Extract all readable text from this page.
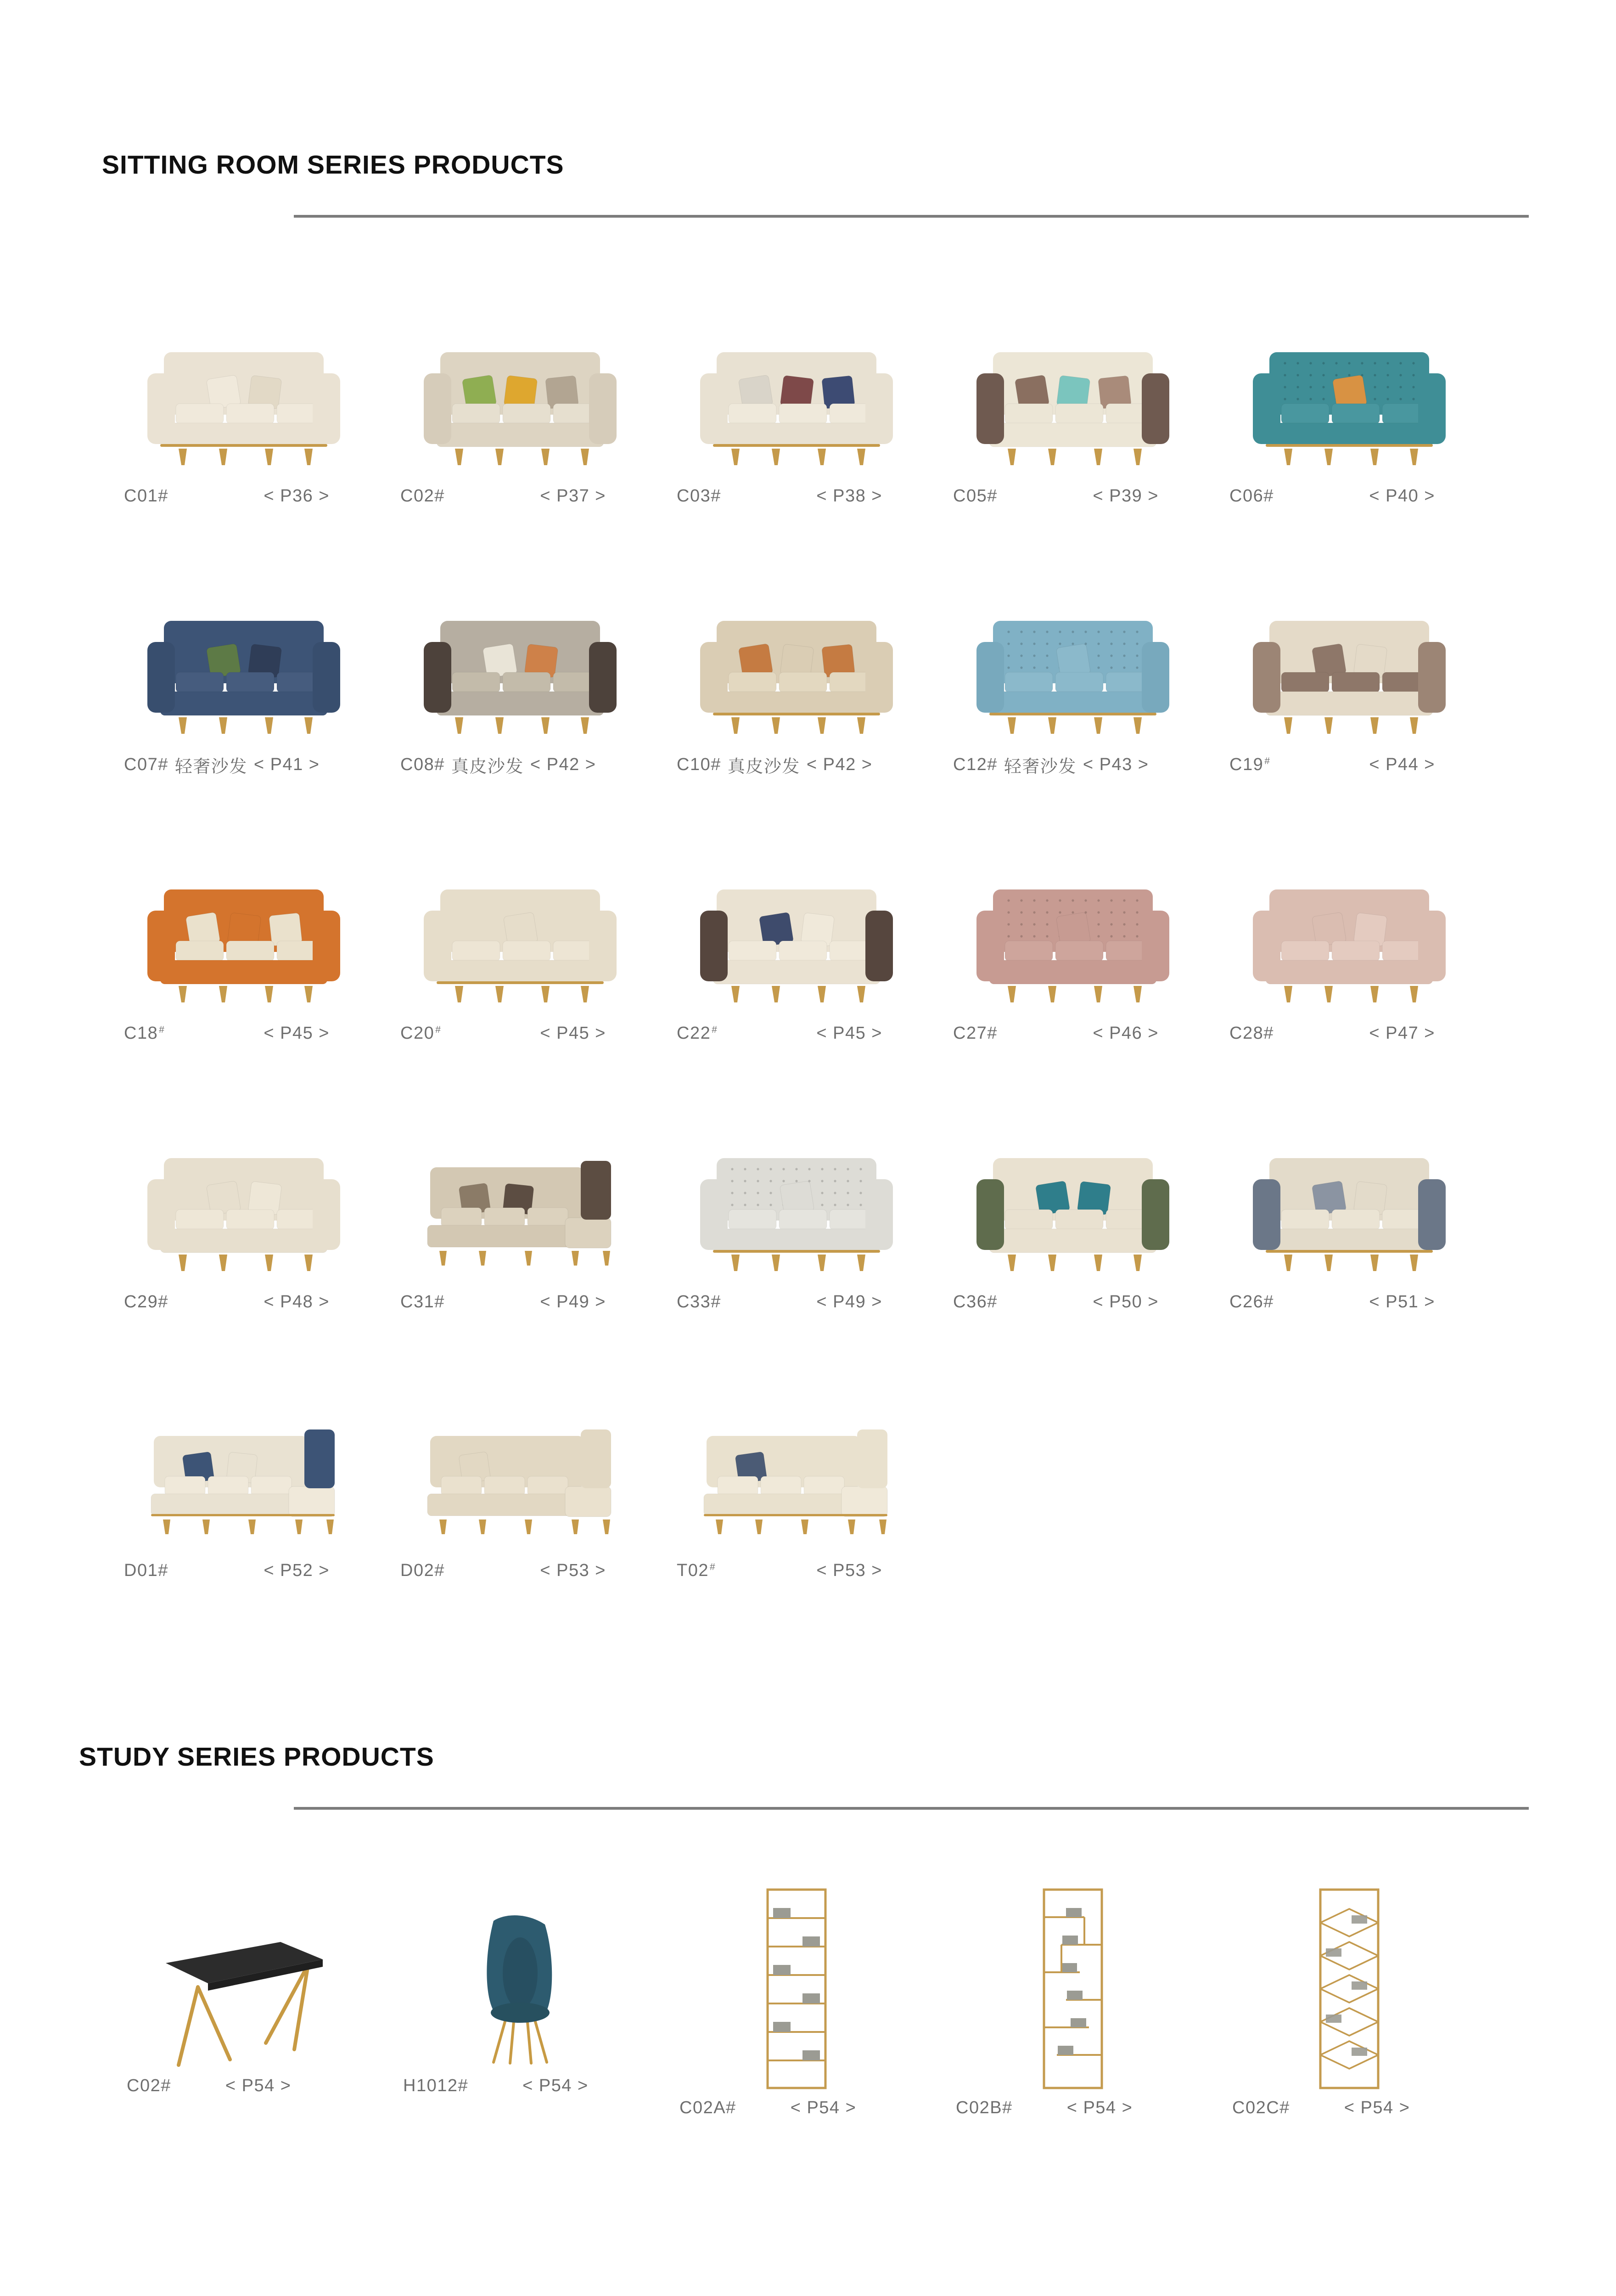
SITTING ROOM SERIES PRODUCTS
C01#	< P36 >	C02#	< P37 >	C03#	< P38 >	C05#	< P39 >	C06#	< P40 >
C07# 轻奢沙发 < P41 >	C08# 真皮沙发 < P42 >	C10# 真皮沙发 < P42 >	C12# 轻奢沙发 < P43 >	C19#	< P44 >
C18#	< P45 >	C20#	< P45 >	C22#	< P45 >	C27#	< P46 >	C28#	< P47 >
C29#	< P48 >	C31#	< P49 >	C33#	< P49 >	C36#	< P50 >	C26#	< P51 >
D01#	< P52 >	D02#	< P53 >	T02#	< P53 >
STUDY SERIES PRODUCTS
C02#	< P54 >	H1012#	< P54 >
C02A#	< P54 >	C02B#	< P54 >	C02C#	< P54 >
